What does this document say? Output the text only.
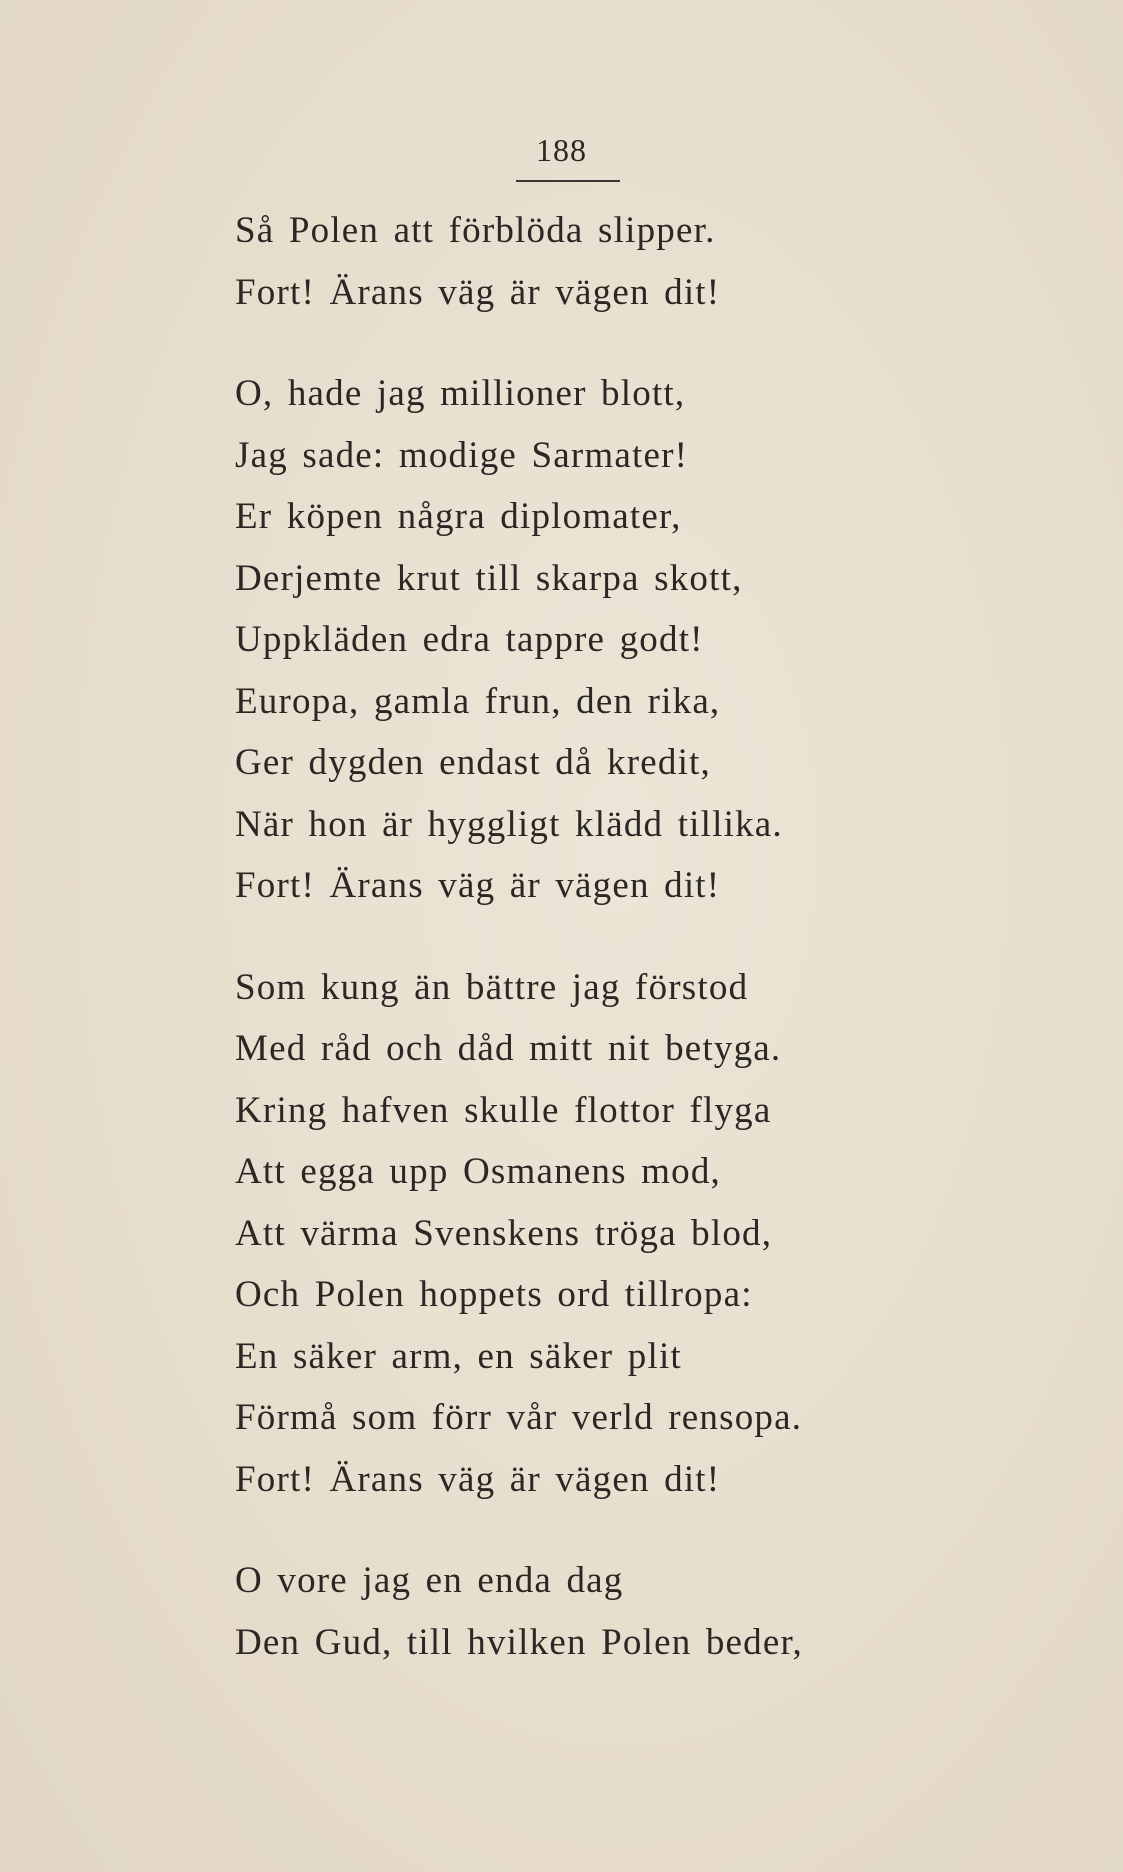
188
Så Polen att förblöda slipper.
Fort! Ärans väg är vägen dit!
O, hade jag millioner blott,
Jag sade: modige Sarmater!
Er köpen några diplomater,
Derjemte krut till skarpa skott,
Uppkläden edra tappre godt!
Europa, gamla frun, den rika,
Ger dygden endast då kredit,
När hon är hyggligt klädd tillika.
Fort! Ärans väg är vägen dit!
Som kung än bättre jag förstod
Med råd och dåd mitt nit betyga.
Kring hafven skulle flottor flyga
Att egga upp Osmanens mod,
Att värma Svenskens tröga blod,
Och Polen hoppets ord tillropa:
En säker arm, en säker plit
Förmå som förr vår verld rensopa.
Fort! Ärans väg är vägen dit!
O vore jag en enda dag
Den Gud, till hvilken Polen beder,
